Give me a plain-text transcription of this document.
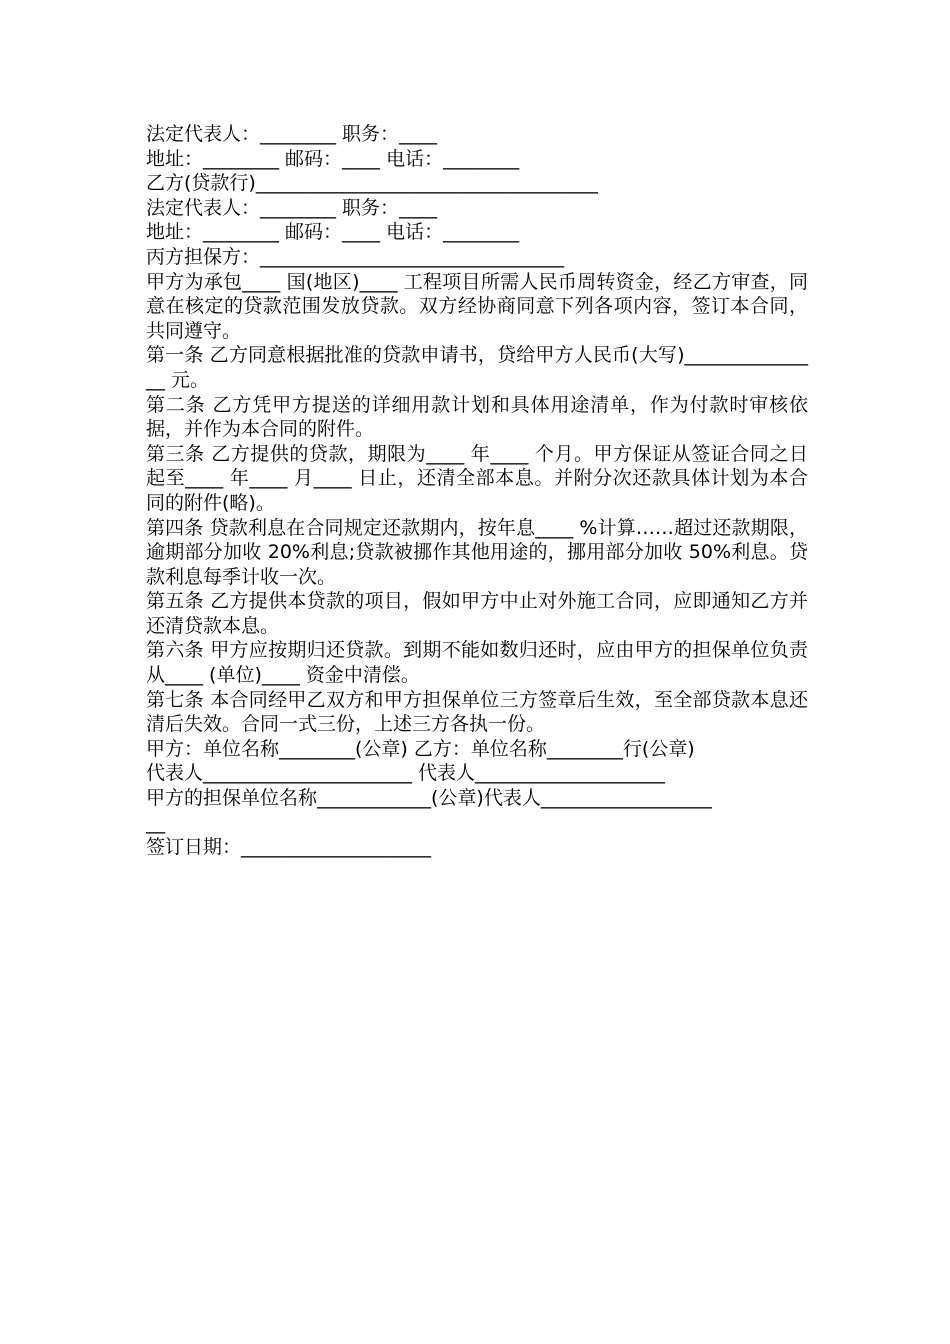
法定代表人：________ 职务：____
地址：________ 邮码：____ 电话：________
乙方(贷款行)____________________________________
法定代表人：________ 职务：____
地址：________ 邮码：____ 电话：________
丙方担保方：________________________________
甲方为承包____ 国(地区)____ 工程项目所需人民币周转资金，经乙方审查，同意在核定的贷款范围发放贷款。双方经协商同意下列各项内容，签订本合同，共同遵守。
第一条 乙方同意根据批准的贷款申请书，贷给甲方人民币(大写)_______________ 元。
第二条 乙方凭甲方提送的详细用款计划和具体用途清单，作为付款时审核依据，并作为本合同的附件。
第三条 乙方提供的贷款，期限为____ 年____ 个月。甲方保证从签证合同之日起至____ 年____ 月____ 日止，还清全部本息。并附分次还款具体计划为本合同的附件(略)。
第四条 贷款利息在合同规定还款期内，按年息____ %计算……超过还款期限，逾期部分加收 20%利息;贷款被挪作其他用途的，挪用部分加收 50%利息。贷款利息每季计收一次。
第五条 乙方提供本贷款的项目，假如甲方中止对外施工合同，应即通知乙方并还清贷款本息。
第六条 甲方应按期归还贷款。到期不能如数归还时，应由甲方的担保单位负责从____ (单位)____ 资金中清偿。
第七条 本合同经甲乙双方和甲方担保单位三方签章后生效，至全部贷款本息还清后失效。合同一式三份，上述三方各执一份。
甲方：单位名称________(公章) 乙方：单位名称________行(公章)
代表人______________________ 代表人____________________
甲方的担保单位名称____________(公章)代表人__________________
__
签订日期：____________________
